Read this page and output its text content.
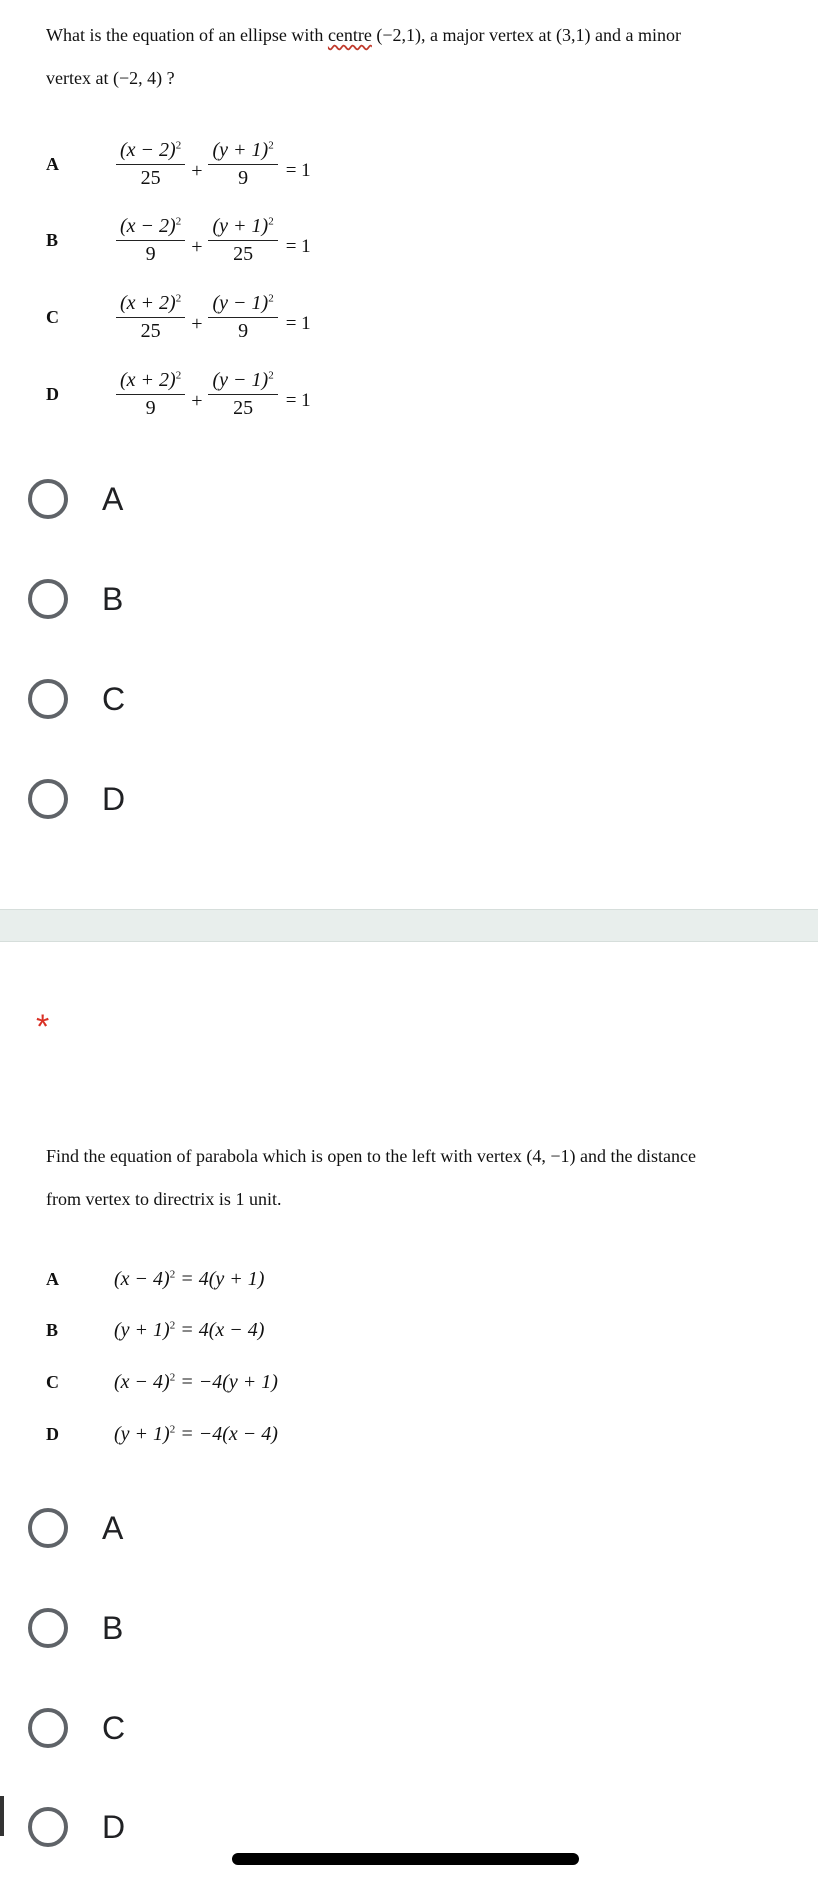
What is the equation of an ellipse with centre (−2,1), a major vertex at (3,1) and a minor
vertex at (−2, 4) ?
A	$\frac{(x - 2)^2}{25} + \frac{(y + 1)^2}{9} = 1$
B	$\frac{(x - 2)^2}{9} + \frac{(y + 1)^2}{25} = 1$
C	$\frac{(x + 2)^2}{25} + \frac{(y - 1)^2}{9} = 1$
D	$\frac{(x + 2)^2}{9} + \frac{(y - 1)^2}{25} = 1$
A
B
C
D
*
Find the equation of parabola which is open to the left with vertex (4, −1) and the distance
from vertex to directrix is 1 unit.
A	$(x - 4)^2 = 4(y + 1)$
B	$(y + 1)^2 = 4(x - 4)$
C	$(x - 4)^2 = -4(y + 1)$
D	$(y + 1)^2 = -4(x - 4)$
A
B
C
D
